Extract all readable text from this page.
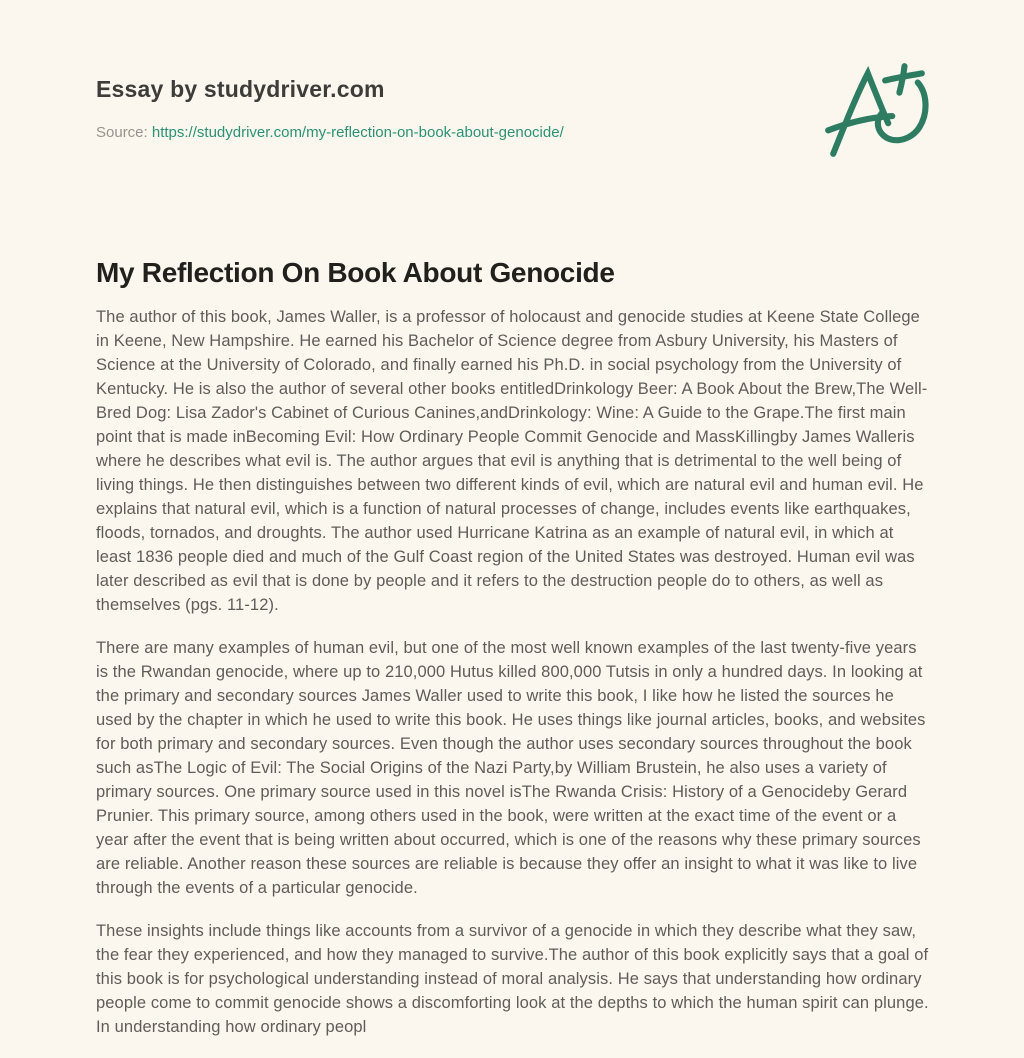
Essay by studydriver.com

Source: https://studydriver.com/my-reflection-on-book-about-genocide/

My Reflection On Book About Genocide

The author of this book, James Waller, is a professor of holocaust and genocide studies at Keene State College in Keene, New Hampshire. He earned his Bachelor of Science degree from Asbury University, his Masters of Science at the University of Colorado, and finally earned his Ph.D. in social psychology from the University of Kentucky. He is also the author of several other books entitledDrinkology Beer: A Book About the Brew,The Well-Bred Dog: Lisa Zador's Cabinet of Curious Canines,andDrinkology: Wine: A Guide to the Grape.The first main point that is made inBecoming Evil: How Ordinary People Commit Genocide and MassKillingby James Walleris where he describes what evil is. The author argues that evil is anything that is detrimental to the well being of living things. He then distinguishes between two different kinds of evil, which are natural evil and human evil. He explains that natural evil, which is a function of natural processes of change, includes events like earthquakes, floods, tornados, and droughts. The author used Hurricane Katrina as an example of natural evil, in which at least 1836 people died and much of the Gulf Coast region of the United States was destroyed. Human evil was later described as evil that is done by people and it refers to the destruction people do to others, as well as themselves (pgs. 11-12).

There are many examples of human evil, but one of the most well known examples of the last twenty-five years is the Rwandan genocide, where up to 210,000 Hutus killed 800,000 Tutsis in only a hundred days. In looking at the primary and secondary sources James Waller used to write this book, I like how he listed the sources he used by the chapter in which he used to write this book. He uses things like journal articles, books, and websites for both primary and secondary sources. Even though the author uses secondary sources throughout the book such asThe Logic of Evil: The Social Origins of the Nazi Party,by William Brustein, he also uses a variety of primary sources. One primary source used in this novel isThe Rwanda Crisis: History of a Genocideby Gerard Prunier. This primary source, among others used in the book, were written at the exact time of the event or a year after the event that is being written about occurred, which is one of the reasons why these primary sources are reliable. Another reason these sources are reliable is because they offer an insight to what it was like to live through the events of a particular genocide.

These insights include things like accounts from a survivor of a genocide in which they describe what they saw, the fear they experienced, and how they managed to survive.The author of this book explicitly says that a goal of this book is for psychological understanding instead of moral analysis. He says that understanding how ordinary people come to commit genocide shows a discomforting look at the depths to which the human spirit can plunge. In understanding how ordinary peopl
